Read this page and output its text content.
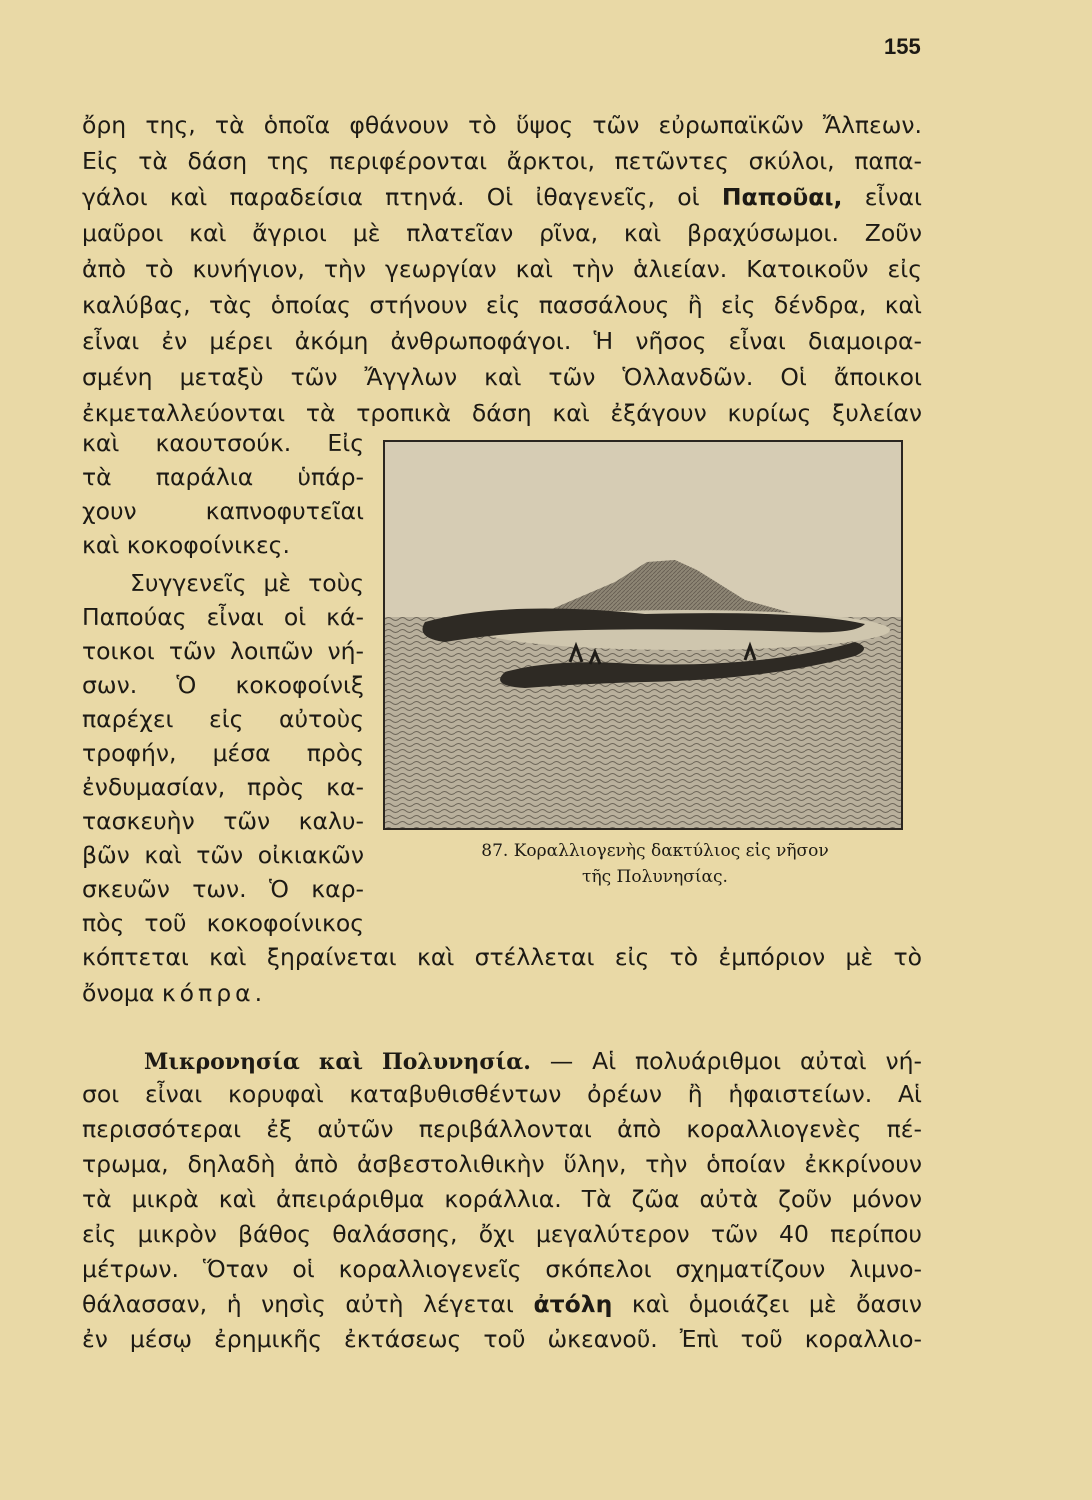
155
ὄρη της, τὰ ὁποῖα φθάνουν τὸ ὕψος τῶν εὐρωπαϊκῶν Ἄλπεων.
Εἰς τὰ δάση της περιφέρονται ἄρκτοι, πετῶντες σκύλοι, παπα-
γάλοι καὶ παραδείσια πτηνά. Οἱ ἰθαγενεῖς, οἱ Παποῦαι, εἶναι
μαῦροι καὶ ἄγριοι μὲ πλατεῖαν ρῖνα, καὶ βραχύσωμοι. Ζοῦν
ἀπὸ τὸ κυνήγιον, τὴν γεωργίαν καὶ τὴν ἁλιείαν. Κατοικοῦν εἰς
καλύβας, τὰς ὁποίας στήνουν εἰς πασσάλους ἢ εἰς δένδρα, καὶ
εἶναι ἐν μέρει ἀκόμη ἀνθρωποφάγοι. Ἡ νῆσος εἶναι διαμοιρα-
σμένη μεταξὺ τῶν Ἄγγλων καὶ τῶν Ὁλλανδῶν. Οἱ ἄποικοι
ἐκμεταλλεύονται τὰ τροπικὰ δάση καὶ ἐξάγουν κυρίως ξυλείαν
καὶ καουτσούκ. Εἰς
τὰ παράλια ὑπάρ-
χουν καπνοφυτεῖαι
καὶ κοκοφοίνικες.
Συγγενεῖς μὲ τοὺς
Παπούας εἶναι οἱ κά-
τοικοι τῶν λοιπῶν νή-
σων. Ὁ κοκοφοίνιξ
παρέχει εἰς αὐτοὺς
τροφήν, μέσα πρὸς
ἐνδυμασίαν, πρὸς κα-
τασκευὴν τῶν καλυ-
βῶν καὶ τῶν οἰκιακῶν
σκευῶν των. Ὁ καρ-
πὸς τοῦ κοκοφοίνικος
87. Κοραλλιογενὴς δακτύλιος εἰς νῆσον
τῆς Πολυνησίας.
κόπτεται καὶ ξηραίνεται καὶ στέλλεται εἰς τὸ ἐμπόριον μὲ τὸ
ὄνομα κόπρα.
Μικρονησία καὶ Πολυνησία. — Αἱ πολυάριθμοι αὐταὶ νή-
σοι εἶναι κορυφαὶ καταβυθισθέντων ὀρέων ἢ ἡφαιστείων. Αἱ
περισσότεραι ἐξ αὐτῶν περιβάλλονται ἀπὸ κοραλλιογενὲς πέ-
τρωμα, δηλαδὴ ἀπὸ ἀσβεστολιθικὴν ὕλην, τὴν ὁποίαν ἐκκρίνουν
τὰ μικρὰ καὶ ἀπειράριθμα κοράλλια. Τὰ ζῶα αὐτὰ ζοῦν μόνον
εἰς μικρὸν βάθος θαλάσσης, ὄχι μεγαλύτερον τῶν 40 περίπου
μέτρων. Ὅταν οἱ κοραλλιογενεῖς σκόπελοι σχηματίζουν λιμνο-
θάλασσαν, ἡ νησὶς αὐτὴ λέγεται ἀτόλη καὶ ὁμοιάζει μὲ ὄασιν
ἐν μέσῳ ἐρημικῆς ἐκτάσεως τοῦ ὠκεανοῦ. Ἐπὶ τοῦ κοραλλιο-
